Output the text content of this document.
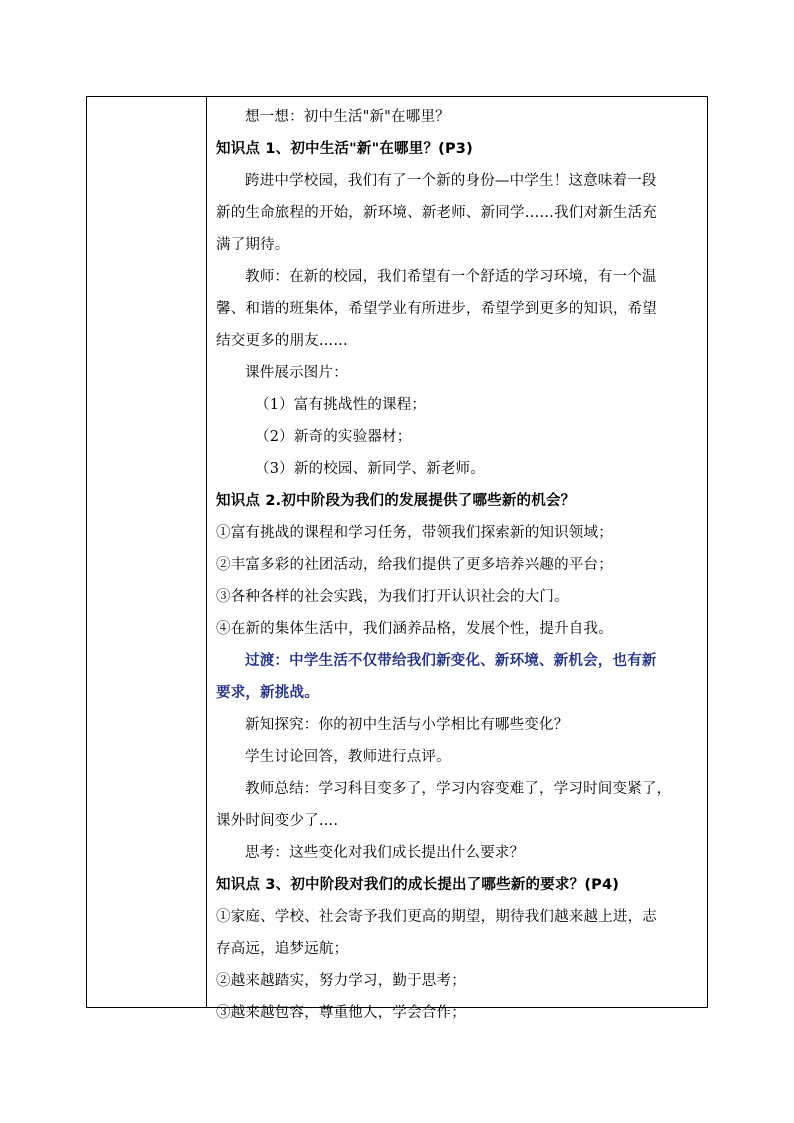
想一想：初中生活"新"在哪里？
知识点 1、初中生活"新"在哪里？(P3)
跨进中学校园，我们有了一个新的身份—中学生！这意味着一段
新的生命旅程的开始，新环境、新老师、新同学……我们对新生活充
满了期待。
教师：在新的校园，我们希望有一个舒适的学习环境，有一个温
馨、和谐的班集体，希望学业有所进步，希望学到更多的知识，希望
结交更多的朋友......
课件展示图片：
（1）富有挑战性的课程；
（2）新奇的实验器材；
（3）新的校园、新同学、新老师。
知识点 2.初中阶段为我们的发展提供了哪些新的机会？
①富有挑战的课程和学习任务，带领我们探索新的知识领域；
②丰富多彩的社团活动，给我们提供了更多培养兴趣的平台；
③各种各样的社会实践，为我们打开认识社会的大门。
④在新的集体生活中，我们涵养品格，发展个性，提升自我。
过渡：中学生活不仅带给我们新变化、新环境、新机会，也有新
要求，新挑战。
新知探究：你的初中生活与小学相比有哪些变化？
学生讨论回答，教师进行点评。
教师总结：学习科目变多了，学习内容变难了，学习时间变紧了，
课外时间变少了....
思考：这些变化对我们成长提出什么要求？
知识点 3、初中阶段对我们的成长提出了哪些新的要求？(P4)
①家庭、学校、社会寄予我们更高的期望，期待我们越来越上进，志
存高远，追梦远航；
②越来越踏实，努力学习，勤于思考；
③越来越包容，尊重他人，学会合作；
